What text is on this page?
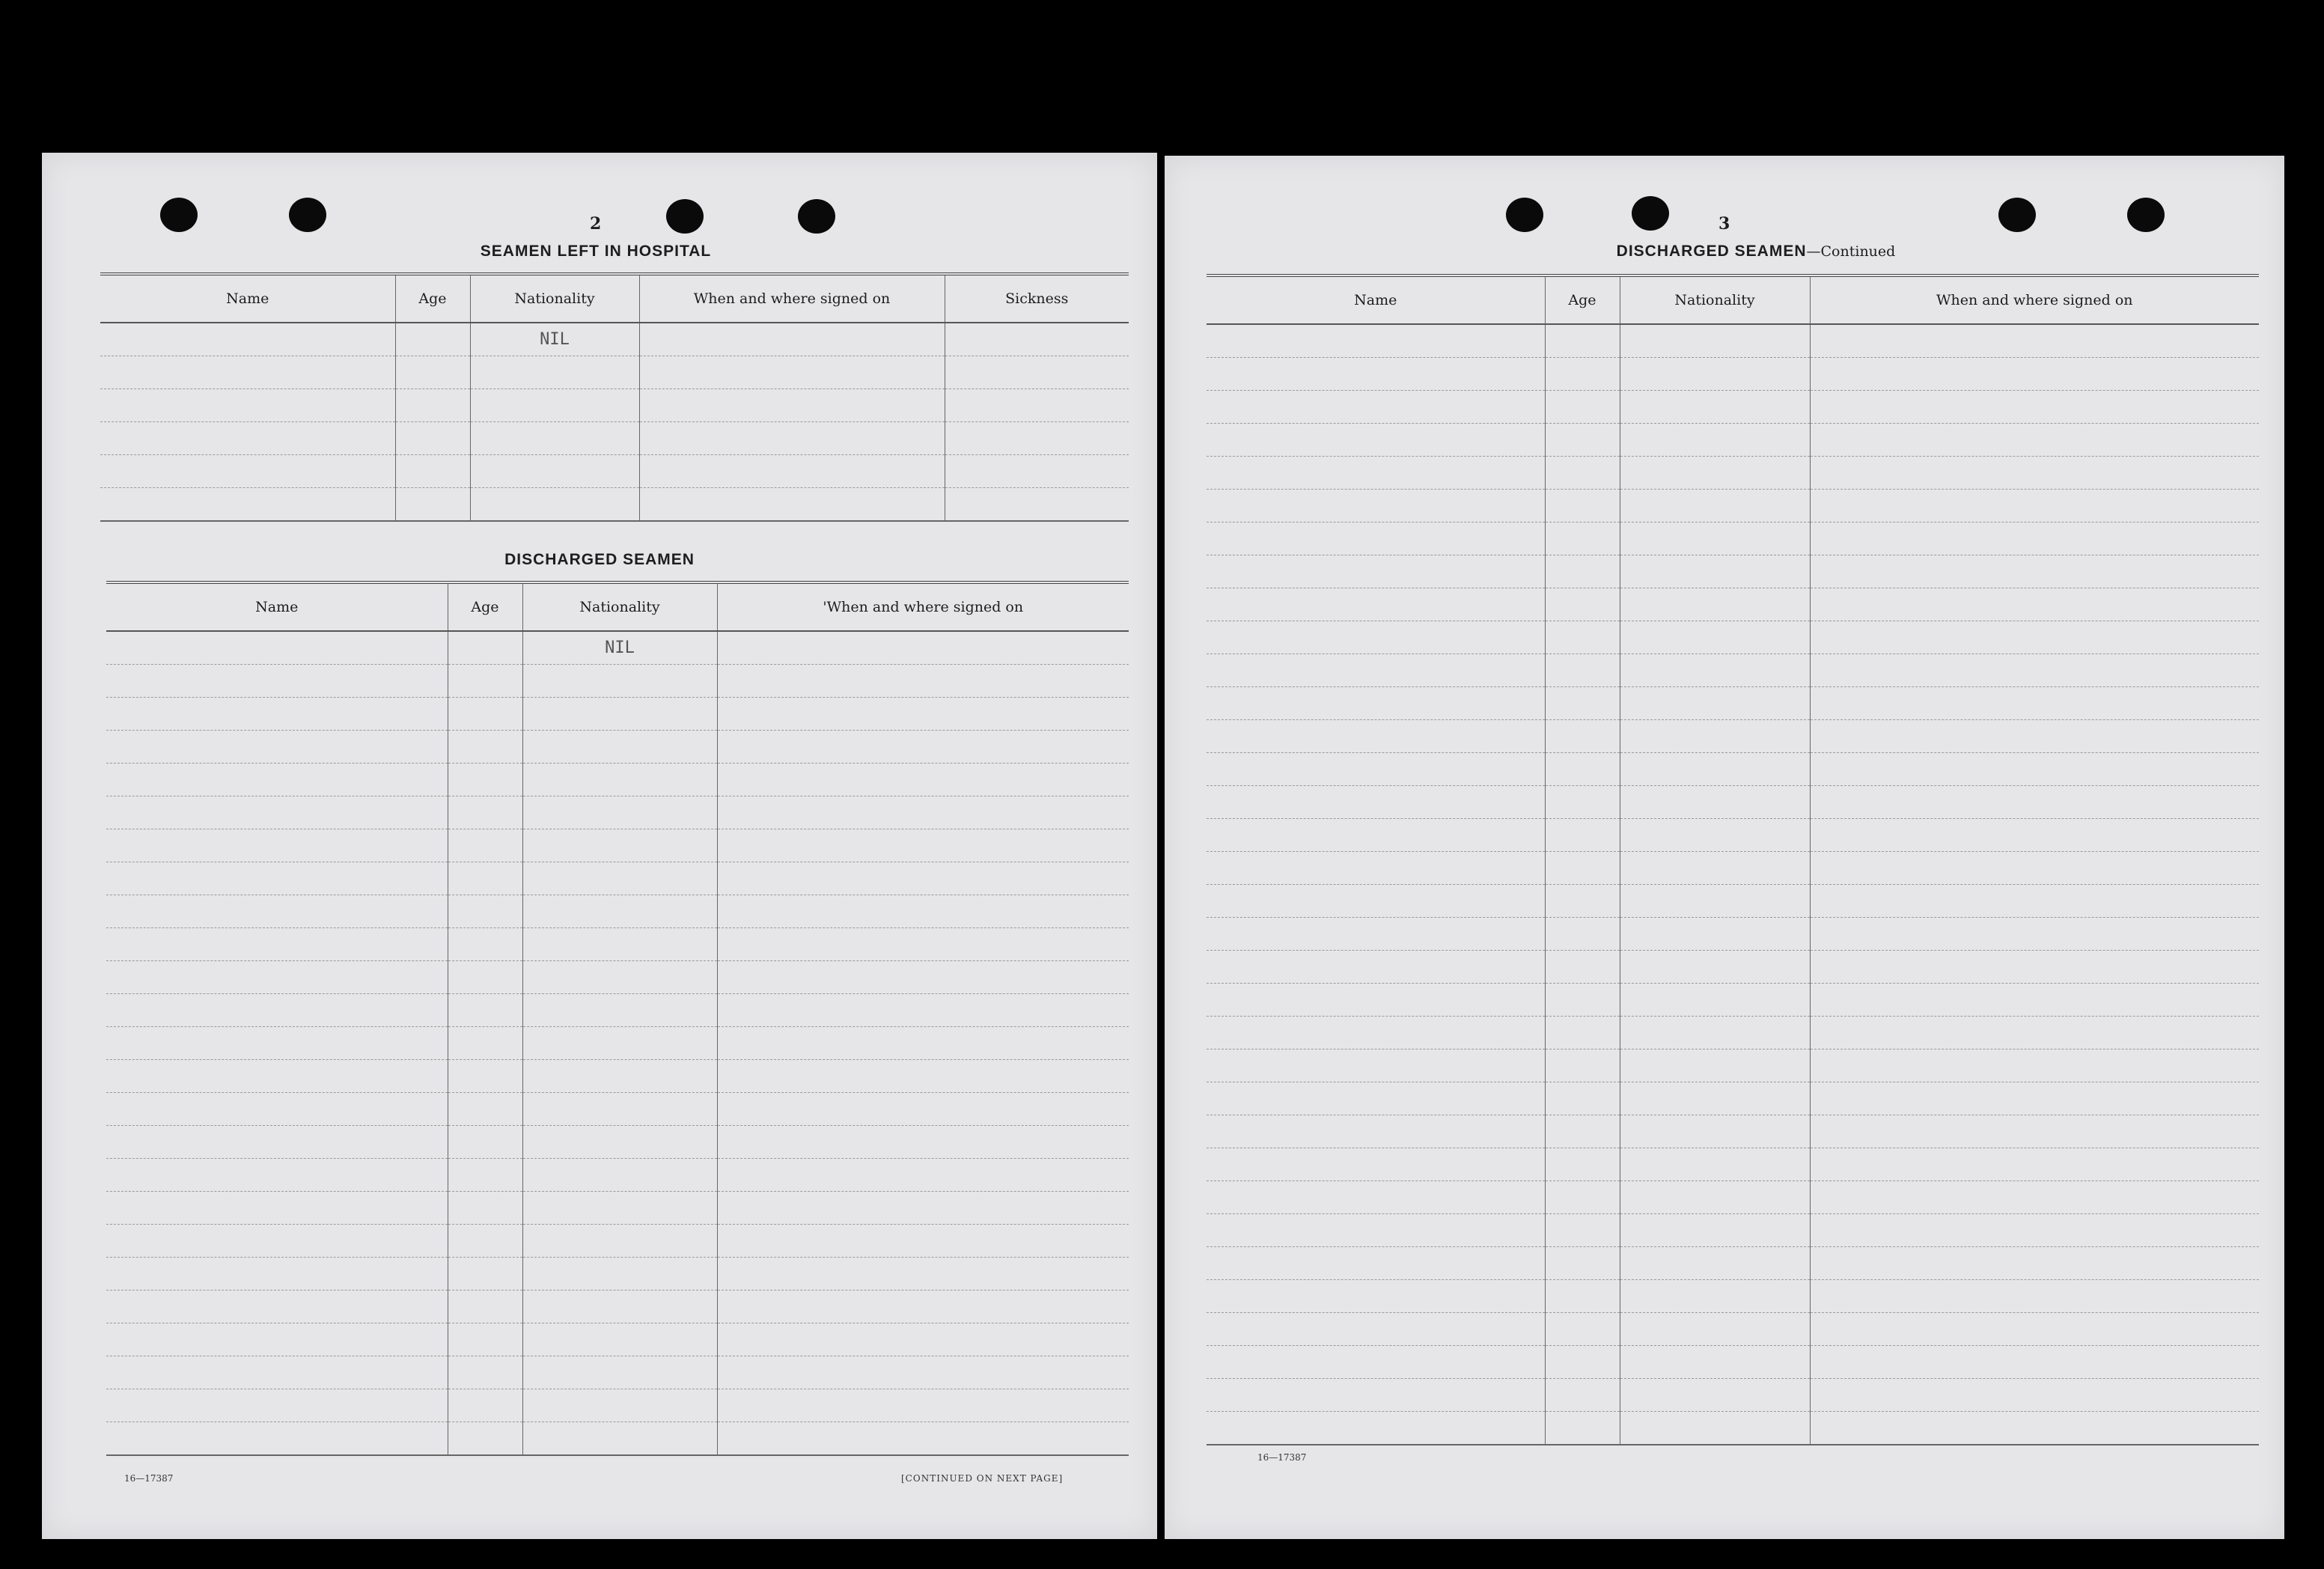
2
SEAMEN LEFT IN HOSPITAL
Name	Age	Nationality	When and where signed on	Sickness
		NIL		

DISCHARGED SEAMEN
Name	Age	Nationality	'When and where signed on
		NIL	

16—17387	[CONTINUED ON NEXT PAGE]
3
DISCHARGED SEAMEN—Continued
Name	Age	Nationality	When and where signed on

16—17387
